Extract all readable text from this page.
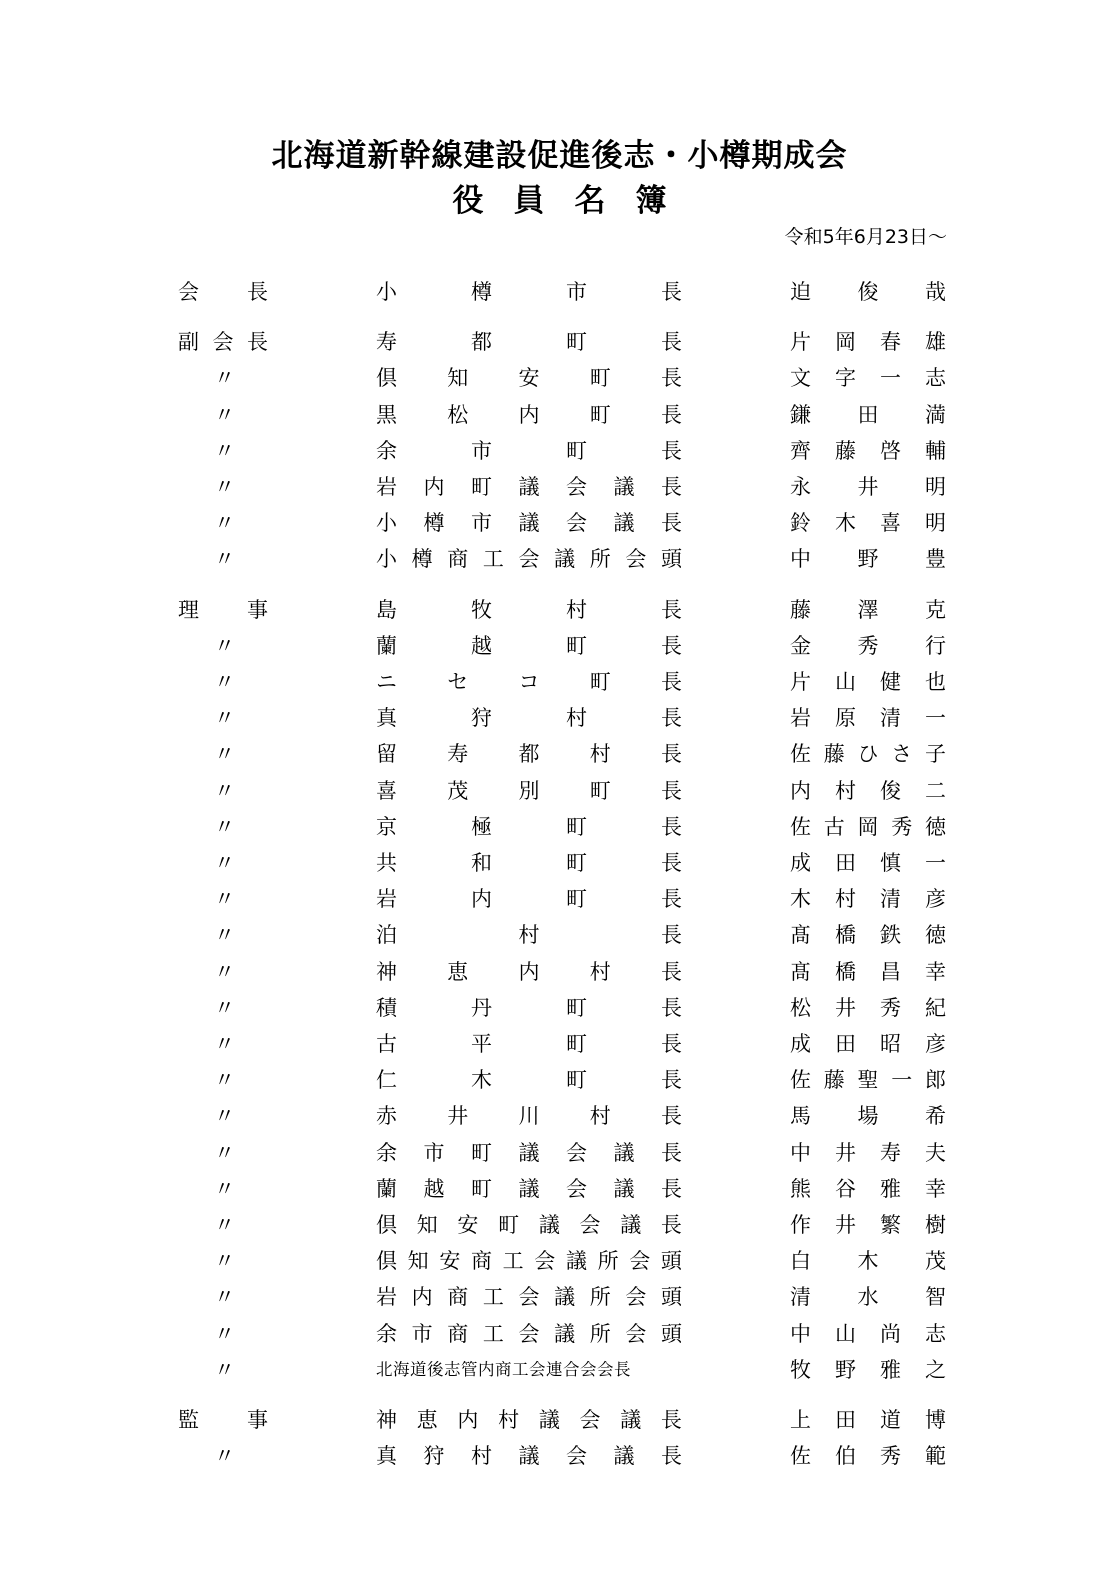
北海道新幹線建設促進後志・小樽期成会
役員名簿
令和5年6月23日～
会 長	小	樽	市	長	迫 俊 哉
副 会 長	寿	都	町	長	片 岡 春 雄
〃	倶 知 安 町 長	文 字 一 志
〃	黒 松 内 町 長	鎌 田 満
〃	余	市	町	長	齊 藤 啓 輔
〃	岩 内 町 議 会 議 長	永 井 明
〃	小 樽 市 議 会 議 長	鈴 木 喜 明
〃	小 樽 商 工 会 議 所 会 頭	中 野 豊
理 事	島	牧	村	長	藤 澤 克
〃	蘭	越	町	長	金 秀 行
〃	ニ セ コ 町 長	片 山 健 也
〃	真	狩	村	長	岩 原 清 一
〃	留 寿 都 村 長	佐 藤 ひ さ 子
〃	喜 茂 別 町 長	内 村 俊 二
〃	京	極	町	長	佐 古 岡 秀 徳
〃	共	和	町	長	成 田 慎 一
〃	岩	内	町	長	木 村 清 彦
〃	泊	村	長	髙 橋 鉄 徳
〃	神 恵 内 村 長	髙 橋 昌 幸
〃	積	丹	町	長	松 井 秀 紀
〃	古	平	町	長	成 田 昭 彦
〃	仁	木	町	長	佐 藤 聖 一 郎
〃	赤 井 川 村 長	馬 場 希
〃	余 市 町 議 会 議 長	中 井 寿 夫
〃	蘭 越 町 議 会 議 長	熊 谷 雅 幸
〃	倶 知 安 町 議 会 議 長	作 井 繁 樹
〃	倶 知 安 商 工 会 議 所 会 頭	白 木 茂
〃	岩 内 商 工 会 議 所 会 頭	清 水 智
〃	余 市 商 工 会 議 所 会 頭	中 山 尚 志
〃	北海道後志管内商工会連合会会長	牧 野 雅 之
監 事	神 恵 内 村 議 会 議 長	上 田 道 博
〃	真 狩 村 議 会 議 長	佐 伯 秀 範
